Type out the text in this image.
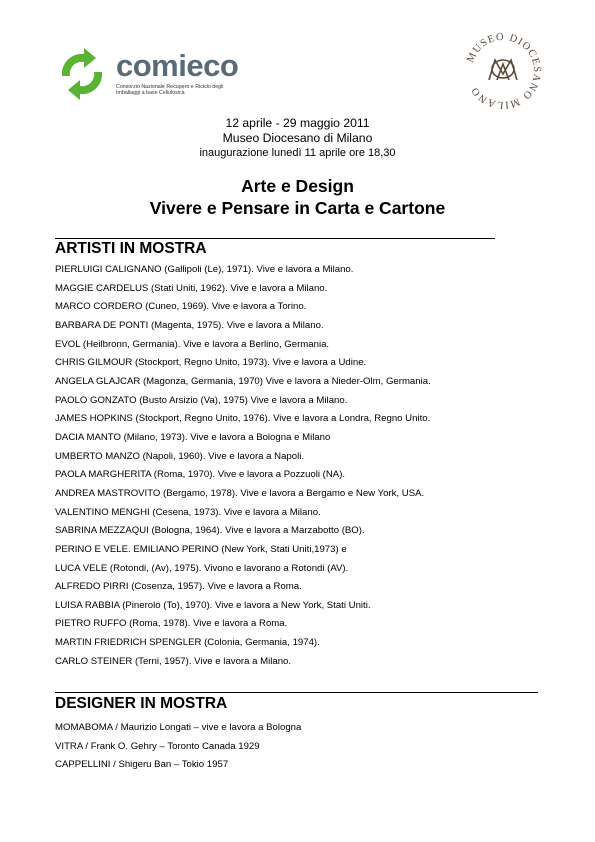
comieco
Consorzio Nazionale Recupero e Riciclo degli Imballaggi a base Cellulosica
MUSEO DIOCESANO MILANO
12 aprile - 29 maggio 2011
Museo Diocesano di Milano
inaugurazione lunedì 11 aprile ore 18,30
Arte e Design
Vivere e Pensare in Carta e Cartone
ARTISTI IN MOSTRA
PIERLUIGI CALIGNANO (Gallipoli (Le), 1971). Vive e lavora a Milano.
MAGGIE CARDELUS (Stati Uniti, 1962). Vive e lavora a Milano.
MARCO CORDERO (Cuneo, 1969). Vive e lavora a Torino.
BARBARA DE PONTI (Magenta, 1975). Vive e lavora a Milano.
EVOL (Heilbronn, Germania). Vive e lavora a Berlino, Germania.
CHRIS GILMOUR (Stockport, Regno Unito, 1973). Vive e lavora a Udine.
ANGELA GLAJCAR (Magonza, Germania, 1970) Vive e lavora a Nieder-Olm, Germania.
PAOLO GONZATO (Busto Arsizio (Va), 1975) Vive e lavora a Milano.
JAMES HOPKINS (Stockport, Regno Unito, 1976). Vive e lavora a Londra, Regno Unito.
DACIA MANTO (Milano, 1973). Vive e lavora a Bologna e Milano
UMBERTO MANZO (Napoli, 1960). Vive e lavora a Napoli.
PAOLA MARGHERITA (Roma, 1970). Vive e lavora a Pozzuoli (NA).
ANDREA MASTROVITO (Bergamo, 1978). Vive e lavora a Bergamo e New York, USA.
VALENTINO MENGHI (Cesena, 1973). Vive e lavora a Milano.
SABRINA MEZZAQUI (Bologna, 1964). Vive e lavora a Marzabotto (BO).
PERINO E VELE. EMILIANO PERINO (New York, Stati Uniti,1973) e
LUCA VELE (Rotondi, (Av), 1975). Vivono e lavorano a Rotondi (AV).
ALFREDO PIRRI (Cosenza, 1957). Vive e lavora a Roma.
LUISA RABBIA (Pinerolo (To), 1970). Vive e lavora a New York, Stati Uniti.
PIETRO RUFFO (Roma, 1978). Vive e lavora a Roma.
MARTIN FRIEDRICH SPENGLER (Colonia, Germania, 1974).
CARLO STEINER (Terni, 1957). Vive e lavora a Milano.
DESIGNER IN MOSTRA
MOMABOMA / Maurizio Longati – vive e lavora a Bologna
VITRA / Frank O. Gehry – Toronto Canada 1929
CAPPELLINI / Shigeru Ban – Tokio 1957
